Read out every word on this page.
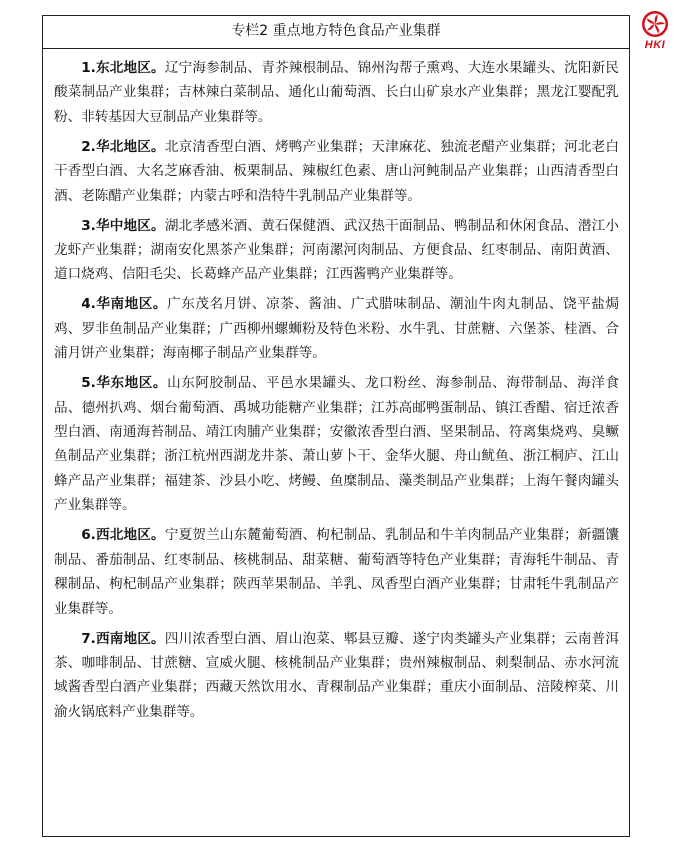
HKI
专栏2 重点地方特色食品产业集群

1.东北地区。辽宁海参制品、青芥辣根制品、锦州沟帮子熏鸡、大连水果罐头、沈阳新民酸菜制品产业集群；吉林辣白菜制品、通化山葡萄酒、长白山矿泉水产业集群；黑龙江婴配乳粉、非转基因大豆制品产业集群等。

2.华北地区。北京清香型白酒、烤鸭产业集群；天津麻花、独流老醋产业集群；河北老白干香型白酒、大名芝麻香油、板栗制品、辣椒红色素、唐山河鲀制品产业集群；山西清香型白酒、老陈醋产业集群；内蒙古呼和浩特牛乳制品产业集群等。

3.华中地区。湖北孝感米酒、黄石保健酒、武汉热干面制品、鸭制品和休闲食品、潜江小龙虾产业集群；湖南安化黑茶产业集群；河南漯河肉制品、方便食品、红枣制品、南阳黄酒、道口烧鸡、信阳毛尖、长葛蜂产品产业集群；江西酱鸭产业集群等。

4.华南地区。广东茂名月饼、凉茶、酱油、广式腊味制品、潮汕牛肉丸制品、饶平盐焗鸡、罗非鱼制品产业集群；广西柳州螺蛳粉及特色米粉、水牛乳、甘蔗糖、六堡茶、桂酒、合浦月饼产业集群；海南椰子制品产业集群等。

5.华东地区。山东阿胶制品、平邑水果罐头、龙口粉丝、海参制品、海带制品、海洋食品、德州扒鸡、烟台葡萄酒、禹城功能糖产业集群；江苏高邮鸭蛋制品、镇江香醋、宿迁浓香型白酒、南通海苔制品、靖江肉脯产业集群；安徽浓香型白酒、坚果制品、符离集烧鸡、臭鳜鱼制品产业集群；浙江杭州西湖龙井茶、萧山萝卜干、金华火腿、舟山鱿鱼、浙江桐庐、江山蜂产品产业集群；福建茶、沙县小吃、烤鳗、鱼糜制品、藻类制品产业集群；上海午餐肉罐头产业集群等。

6.西北地区。宁夏贺兰山东麓葡萄酒、枸杞制品、乳制品和牛羊肉制品产业集群；新疆馕制品、番茄制品、红枣制品、核桃制品、甜菜糖、葡萄酒等特色产业集群；青海牦牛制品、青稞制品、枸杞制品产业集群；陕西苹果制品、羊乳、凤香型白酒产业集群；甘肃牦牛乳制品产业集群等。

7.西南地区。四川浓香型白酒、眉山泡菜、郫县豆瓣、遂宁肉类罐头产业集群；云南普洱茶、咖啡制品、甘蔗糖、宣威火腿、核桃制品产业集群；贵州辣椒制品、刺梨制品、赤水河流域酱香型白酒产业集群；西藏天然饮用水、青稞制品产业集群；重庆小面制品、涪陵榨菜、川渝火锅底料产业集群等。
